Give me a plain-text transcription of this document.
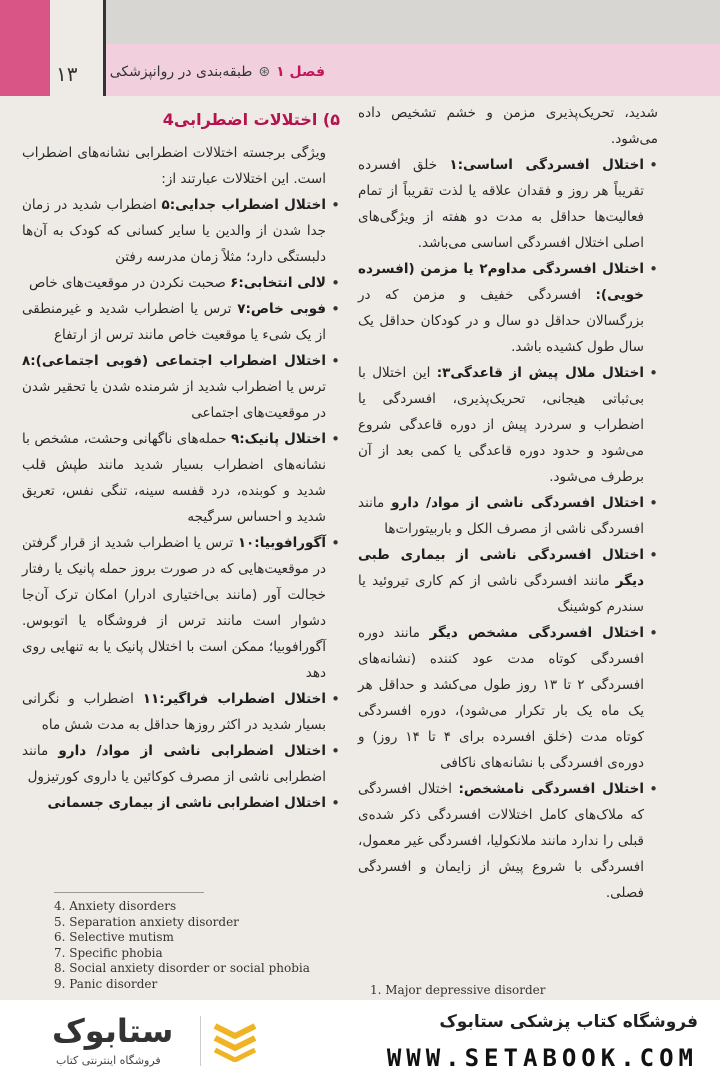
۱۳	فصل ۱⊛طبقه‌بندی در روانپزشکی

شدید، تحریک‌پذیری مزمن و خشم تشخیص داده می‌شود.

• اختلال افسردگی اساسی:۱ خلق افسرده تقریباً هر روز و فقدان علاقه یا لذت تقریباً از تمام فعالیت‌ها حداقل به مدت دو هفته از ویژگی‌های اصلی اختلال افسردگی اساسی می‌باشد.

• اختلال افسردگی مداوم۲ یا مزمن (افسرده خویی): افسردگی خفیف و مزمن که در بزرگسالان حداقل دو سال و در کودکان حداقل یک سال طول کشیده باشد.

• اختلال ملال پیش از قاعدگی۳: این اختلال با بی‌ثباتی هیجانی، تحریک‌پذیری، افسردگی یا اضطراب و سردرد پیش از دوره قاعدگی شروع می‌شود و حدود دوره قاعدگی یا کمی بعد از آن برطرف می‌شود.

• اختلال افسردگی ناشی از مواد/ دارو مانند افسردگی ناشی از مصرف الکل و باربیتورات‌ها

• اختلال افسردگی ناشی از بیماری طبی دیگر مانند افسردگی ناشی از کم کاری تیروئید یا سندرم کوشینگ

• اختلال افسردگی مشخص دیگر مانند دوره افسردگی کوتاه مدت عود کننده (نشانه‌های افسردگی ۲ تا ۱۳ روز طول می‌کشد و حداقل هر یک ماه یک بار تکرار می‌شود)، دوره افسردگی کوتاه مدت (خلق افسرده برای ۴ تا ۱۴ روز) و دوره‌ی افسردگی با نشانه‌های ناکافی

• اختلال افسردگی نامشخص: اختلال افسردگی که ملاک‌های کامل اختلالات افسردگی ذکر شده‌ی قبلی را ندارد مانند ملانکولیا، افسردگی غیر معمول، افسردگی با شروع پیش از زایمان و افسردگی فصلی.

۵) اختلالات اضطرابی4

ویژگی برجسته اختلالات اضطرابی نشانه‌های اضطراب است. این اختلالات عبارتند از:

• اختلال اضطراب جدایی:۵ اضطراب شدید در زمان جدا شدن از والدین یا سایر کسانی که کودک به آن‌ها دلبستگی دارد؛ مثلاً زمان مدرسه رفتن

• لالی انتخابی:۶ صحبت نکردن در موقعیت‌های خاص

• فوبی خاص:۷ ترس یا اضطراب شدید و غیرمنطقی از یک شیء یا موقعیت خاص مانند ترس از ارتفاع

• اختلال اضطراب اجتماعی (فوبی اجتماعی):۸ ترس یا اضطراب شدید از شرمنده شدن یا تحقیر شدن در موقعیت‌های اجتماعی

• اختلال پانیک:۹ حمله‌های ناگهانی وحشت، مشخص با نشانه‌های اضطراب بسیار شدید مانند طپش قلب شدید و کوبنده، درد قفسه سینه، تنگی نفس، تعریق شدید و احساس سرگیجه

• آگورافوبیا:۱۰ ترس یا اضطراب شدید از قرار گرفتن در موقعیت‌هایی که در صورت بروز حمله پانیک یا رفتار خجالت آور (مانند بی‌اختیاری ادرار) امکان ترک آن‌جا دشوار است مانند ترس از فروشگاه یا اتوبوس. آگورافوبیا؛ ممکن است با اختلال پانیک یا به تنهایی روی دهد

• اختلال اضطراب فراگیر:۱۱ اضطراب و نگرانی بسیار شدید در اکثر روزها حداقل به مدت شش ماه

• اختلال اضطرابی ناشی از مواد/ دارو مانند اضطرابی ناشی از مصرف کوکائین یا داروی کورتیزول

• اختلال اضطرابی ناشی از بیماری جسمانی

4. Anxiety disorders
5. Separation anxiety disorder
6. Selective mutism
7. Specific phobia
8. Social anxiety disorder or social phobia
9. Panic disorder	1. Major depressive disorder
ستابوک
فروشگاه اینترنتی کتاب
فروشگاه کتاب پزشکی ستابوک
WWW.SETABOOK.COM
